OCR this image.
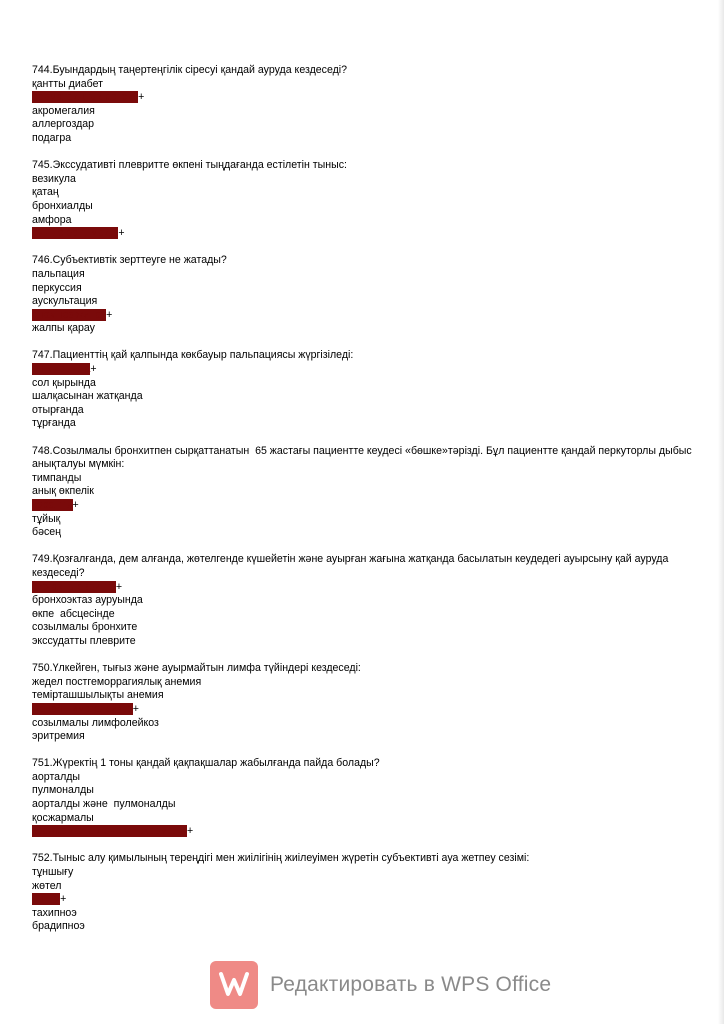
744.Буындардың таңертеңгілік сіресуі қандай ауруда кездеседі?
қантты диабет
ревматоидтық артрит+
акромегалия
аллергоздар
подагра
745.Экссудативті плевритте өкпені тыңдағанда естілетін тыныс:
везикула
қатаң
бронхиалды
амфора
тыныс естілмейді+
746.Субъективтік зерттеуге не жатады?
пальпация
перкуссия
аускультация
анамнез жинау+
жалпы қарау
747.Пациенттің қай қалпында көкбауыр пальпациясы жүргізіледі:
оң қырында+
сол қырында
шалқасынан жатқанда
отырғанда
тұрғанда
748.Созылмалы бронхитпен сырқаттанатын  65 жастағы пациентте кеудесі «бөшке»тәрізді. Бұл пациентте қандай перкуторлы дыбыс анықталуы мүмкін:
тимпанды
анық өкпелік
қорапты+
тұйық
бәсең
749.Қозғалғанда, дем алғанда, жөтелгенде күшейетін және ауырған жағына жатқанда басылатын кеудедегі ауырсыну қай ауруда кездеседі?
құрғақ плевритте+
бронхоэктаз ауруында
өкпе  абсцесінде
созылмалы бронхите
экссудатты плеврите
750.Үлкейген, тығыз және ауырмайтын лимфа түйіндері кездеседі:
жедел постгеморрагиялық анемия
темірташшылықты анемия
жедел лимфолейкоз+
созылмалы лимфолейкоз
эритремия
751.Жүректің 1 тоны қандай қақпақшалар жабылғанда пайда болады?
аорталды
пулмоналды
аорталды және  пулмоналды
қосжармалы
қосжармалы және үш жармалы+
752.Тыныс алу қимылының тереңдігі мен жиілігінің жиілеуімен жүретін субъективті ауа жетпеу сезімі:
тұншығу
жөтел
ентігу+
тахипноэ
брадипноэ
Редактировать в WPS Office
